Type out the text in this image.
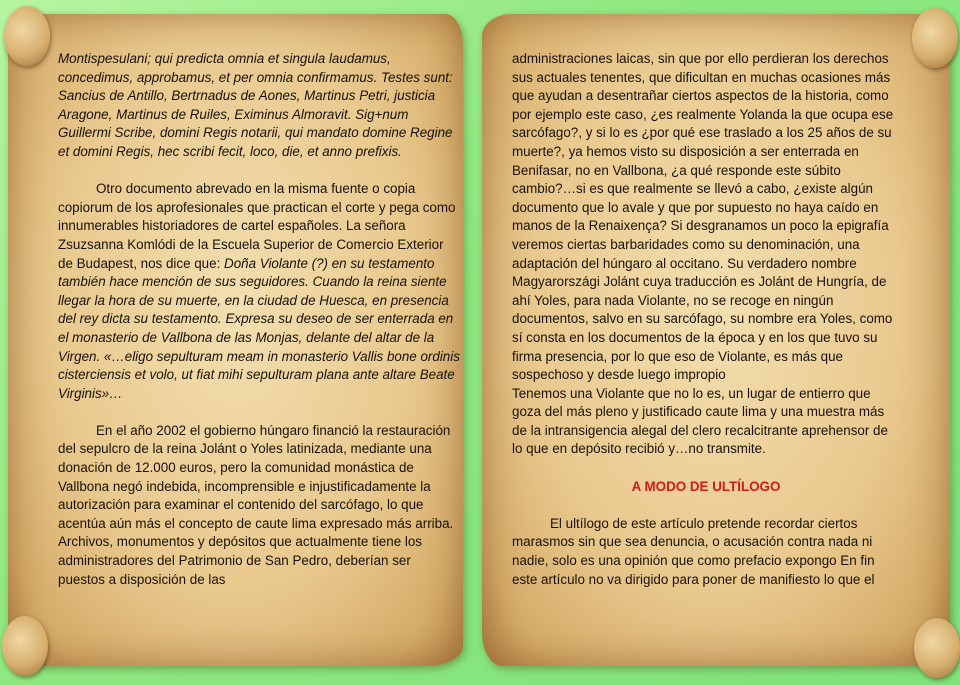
Montispesulani; qui predicta omnia et singula laudamus, concedimus, approbamus, et per omnia confirmamus. Testes sunt: Sancius de Antillo, Bertrnadus de Aones, Martinus Petri, justicia Aragone, Martinus de Ruiles, Eximinus Almoravit. Sig+num Guillermi Scribe, domini Regis notarii, qui mandato domine Regine et domini Regis, hec scribi fecit, loco, die, et anno prefixis.

Otro documento abrevado en la misma fuente o copia copiorum de los aprofesionales que practican el corte y pega como innumerables historiadores de cartel españoles. La señora Zsuzsanna Komlódi de la Escuela Superior de Comercio Exterior de Budapest, nos dice que: Doña Violante (?) en su testamento también hace mención de sus seguidores. Cuando la reina siente llegar la hora de su muerte, en la ciudad de Huesca, en presencia del rey dicta su testamento. Expresa su deseo de ser enterrada en el monasterio de Vallbona de las Monjas, delante del altar de la Virgen. «…eligo sepulturam meam in monasterio Vallis bone ordinis cisterciensis et volo, ut fiat mihi sepulturam plana ante altare Beate Virginis»…

En el año 2002 el gobierno húngaro financió la restauración del sepulcro de la reina Jolánt o Yoles latinizada, mediante una donación de 12.000 euros, pero la comunidad monástica de Vallbona negó indebida, incomprensible e injustificadamente la autorización para examinar el contenido del sarcófago, lo que acentúa aún más el concepto de caute lima expresado más arriba. Archivos, monumentos y depósitos que actualmente tiene los administradores del Patrimonio de San Pedro, deberían ser puestos a disposición de las

administraciones laicas, sin que por ello perdieran los derechos sus actuales tenentes, que dificultan en muchas ocasiones más que ayudan a desentrañar ciertos aspectos de la historia, como por ejemplo este caso, ¿es realmente Yolanda la que ocupa ese sarcófago?, y si lo es ¿por qué ese traslado a los 25 años de su muerte?, ya hemos visto su disposición a ser enterrada en Benifasar, no en Vallbona, ¿a qué responde este súbito cambio?…si es que realmente se llevó a cabo, ¿existe algún documento que lo avale y que por supuesto no haya caído en manos de la Renaixença? Si desgranamos un poco la epigrafía veremos ciertas barbaridades como su denominación, una adaptación del húngaro al occitano. Su verdadero nombre Magyarországi Jolánt cuya traducción es Jolánt de Hungría, de ahí Yoles, para nada Violante, no se recoge en ningún documentos, salvo en su sarcófago, su nombre era Yoles, como sí consta en los documentos de la época y en los que tuvo su firma presencia, por lo que eso de Violante, es más que sospechoso y desde luego impropio

Tenemos una Violante que no lo es, un lugar de entierro que goza del más pleno y justificado caute lima y una muestra más de la intransigencia alegal del clero recalcitrante aprehensor de lo que en depósito recibió y…no transmite.

A MODO DE ULTÍLOGO

El ultílogo de este artículo pretende recordar ciertos marasmos sin que sea denuncia, o acusación contra nada ni nadie, solo es una opinión que como prefacio expongo En fin este artículo no va dirigido para poner de manifiesto lo que el
